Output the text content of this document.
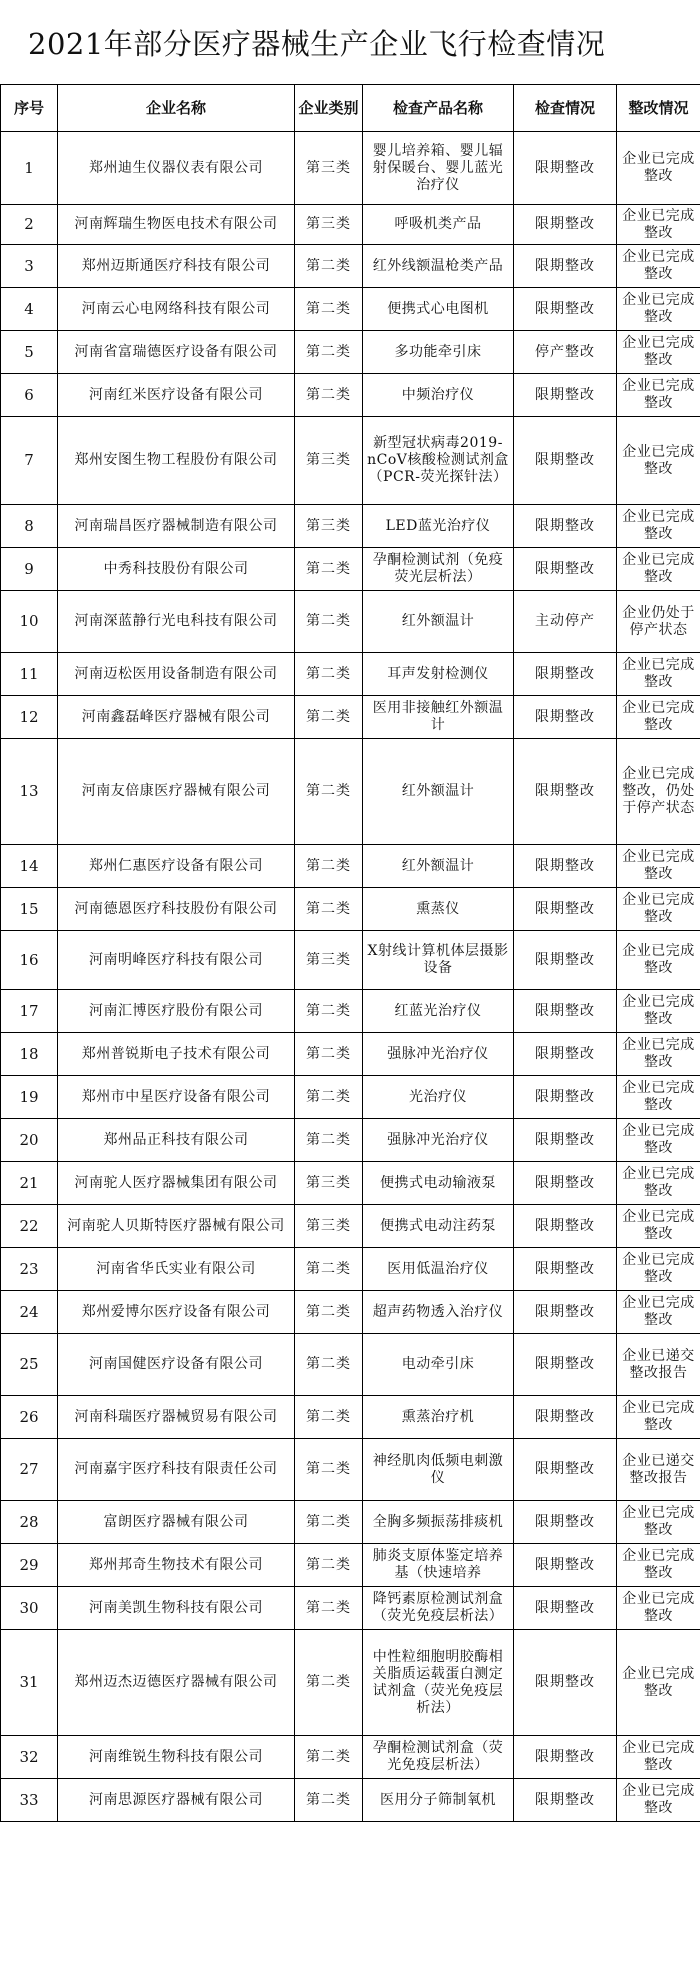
2021年部分医疗器械生产企业飞行检查情况
序号	企业名称	企业类别	检查产品名称	检查情况	整改情况
1	郑州迪生仪器仪表有限公司	第三类	婴儿培养箱、婴儿辐射保暖台、婴儿蓝光治疗仪	限期整改	企业已完成整改
2	河南辉瑞生物医电技术有限公司	第三类	呼吸机类产品	限期整改	企业已完成整改
3	郑州迈斯通医疗科技有限公司	第二类	红外线额温枪类产品	限期整改	企业已完成整改
4	河南云心电网络科技有限公司	第二类	便携式心电图机	限期整改	企业已完成整改
5	河南省富瑞德医疗设备有限公司	第二类	多功能牵引床	停产整改	企业已完成整改
6	河南红米医疗设备有限公司	第二类	中频治疗仪	限期整改	企业已完成整改
7	郑州安图生物工程股份有限公司	第三类	新型冠状病毒2019-nCoV核酸检测试剂盒（PCR-荧光探针法）	限期整改	企业已完成整改
8	河南瑞昌医疗器械制造有限公司	第三类	LED蓝光治疗仪	限期整改	企业已完成整改
9	中秀科技股份有限公司	第二类	孕酮检测试剂（免疫荧光层析法）	限期整改	企业已完成整改
10	河南深蓝静行光电科技有限公司	第二类	红外额温计	主动停产	企业仍处于停产状态
11	河南迈松医用设备制造有限公司	第二类	耳声发射检测仪	限期整改	企业已完成整改
12	河南鑫磊峰医疗器械有限公司	第二类	医用非接触红外额温计	限期整改	企业已完成整改
13	河南友倍康医疗器械有限公司	第二类	红外额温计	限期整改	企业已完成整改，仍处于停产状态
14	郑州仁惠医疗设备有限公司	第二类	红外额温计	限期整改	企业已完成整改
15	河南德恩医疗科技股份有限公司	第二类	熏蒸仪	限期整改	企业已完成整改
16	河南明峰医疗科技有限公司	第三类	X射线计算机体层摄影设备	限期整改	企业已完成整改
17	河南汇博医疗股份有限公司	第二类	红蓝光治疗仪	限期整改	企业已完成整改
18	郑州普锐斯电子技术有限公司	第二类	强脉冲光治疗仪	限期整改	企业已完成整改
19	郑州市中星医疗设备有限公司	第二类	光治疗仪	限期整改	企业已完成整改
20	郑州品正科技有限公司	第二类	强脉冲光治疗仪	限期整改	企业已完成整改
21	河南驼人医疗器械集团有限公司	第三类	便携式电动输液泵	限期整改	企业已完成整改
22	河南驼人贝斯特医疗器械有限公司	第三类	便携式电动注药泵	限期整改	企业已完成整改
23	河南省华氏实业有限公司	第二类	医用低温治疗仪	限期整改	企业已完成整改
24	郑州爱博尔医疗设备有限公司	第二类	超声药物透入治疗仪	限期整改	企业已完成整改
25	河南国健医疗设备有限公司	第二类	电动牵引床	限期整改	企业已递交整改报告
26	河南科瑞医疗器械贸易有限公司	第二类	熏蒸治疗机	限期整改	企业已完成整改
27	河南嘉宇医疗科技有限责任公司	第二类	神经肌肉低频电刺激仪	限期整改	企业已递交整改报告
28	富朗医疗器械有限公司	第二类	全胸多频振荡排痰机	限期整改	企业已完成整改
29	郑州邦奇生物技术有限公司	第二类	肺炎支原体鉴定培养基（快速培养	限期整改	企业已完成整改
30	河南美凯生物科技有限公司	第二类	降钙素原检测试剂盒（荧光免疫层析法）	限期整改	企业已完成整改
31	郑州迈杰迈德医疗器械有限公司	第二类	中性粒细胞明胶酶相关脂质运载蛋白测定试剂盒（荧光免疫层析法）	限期整改	企业已完成整改
32	河南维锐生物科技有限公司	第二类	孕酮检测试剂盒（荧光免疫层析法）	限期整改	企业已完成整改
33	河南思源医疗器械有限公司	第二类	医用分子筛制氧机	限期整改	企业已完成整改
